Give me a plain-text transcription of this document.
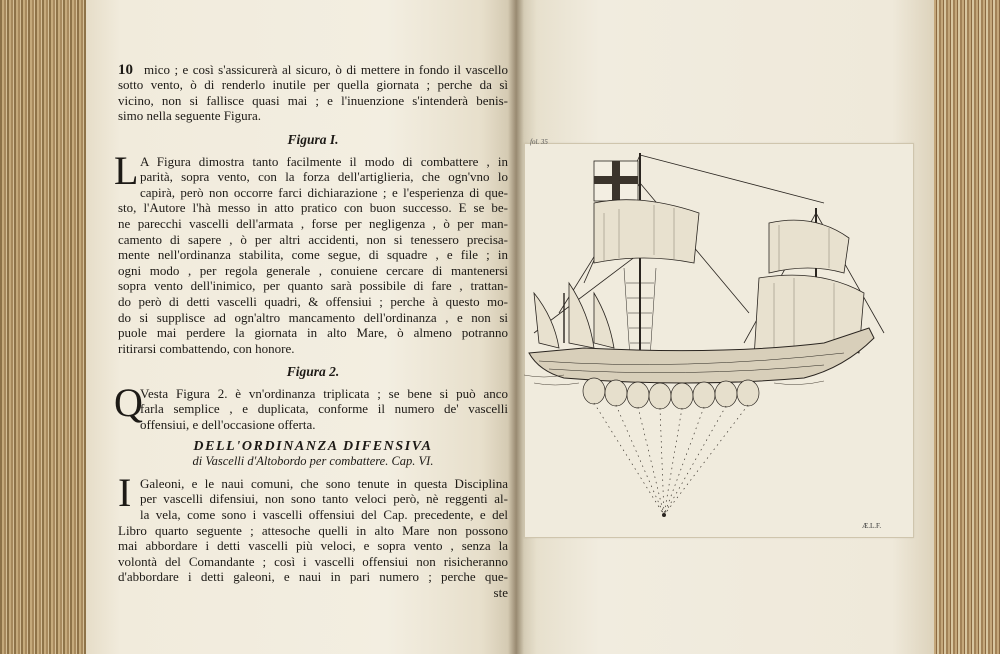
10 mico ; e così s'assicurerà al sicuro, ò di mettere in fondo il vascello
sotto vento, ò di renderlo inutile per quella giornata ; perche da sì
vicino, non si fallisce quasi mai ; e l'inuenzione s'intenderà benis-
simo nella seguente Figura.
Figura I.
L A Figura dimostra tanto facilmente il modo di combattere , in
parità, sopra vento, con la forza dell'artiglieria, che ogn'vno lo
capirà, però non occorre farci dichiarazione ; e l'esperienza di que-
sto, l'Autore l'hà messo in atto pratico con buon successo. E se be-
ne parecchi vascelli dell'armata , forse per negligenza , ò per man-
camento di sapere , ò per altri accidenti, non si tenessero precisa-
mente nell'ordinanza stabilita, come segue, di squadre , e file ; in
ogni modo , per regola generale , conuiene cercare di mantenersi
sopra vento dell'inimico, per quanto sarà possibile di fare , trattan-
do però di detti vascelli quadri, & offensiui ; perche à questo mo-
do si supplisce ad ogn'altro mancamento dell'ordinanza , e non si
puole mai perdere la giornata in alto Mare, ò almeno potranno
ritirarsi combattendo, con honore.
Figura 2.
Q
Vesta Figura 2. è vn'ordinanza triplicata ; se bene si può anco
farla semplice , e duplicata, conforme il numero de' vascelli
offensiui, e dell'occasione offerta.
DELL'ORDINANZA DIFENSIVA
di Vascelli d'Altobordo per combattere. Cap. VI.
I Galeoni, e le naui comuni, che sono tenute in questa Disciplina
per vascelli difensiui, non sono tanto veloci però, nè reggenti al-
la vela, come sono i vascelli offensiui del Cap. precedente, e del
Libro quarto seguente ; attesoche quelli in alto Mare non possono
mai abbordare i detti vascelli più veloci, e sopra vento , senza la
volontà del Comandante ; così i vascelli offensiui non risicheranno
d'abbordare i detti galeoni, e naui in pari numero ; perche que-
ste
fol. 35
Æ.L.F.
